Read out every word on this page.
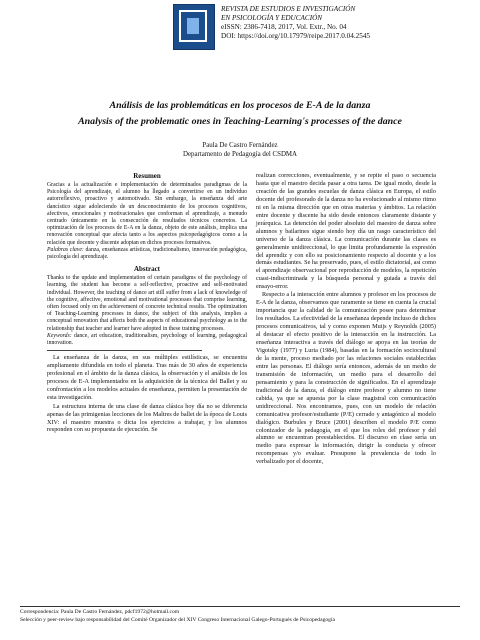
REVISTA DE ESTUDIOS E INVESTIGACIÓN
EN PSICOLOGÍA Y EDUCACIÓN
eISSN: 2386-7418, 2017, Vol. Extr., No. 04
DOI: https://doi.org/10.17979/reipe.2017.0.04.2545
Análisis de las problemáticas en los procesos de E-A de la danza
Analysis of the problematic ones in Teaching-Learning's processes of the dance
Paula De Castro Fernández
Departamento de Pedagogía del CSDMA
Resumen

Gracias a la actualización e implementación de determinados paradigmas de la Psicología del aprendizaje, el alumno ha llegado a convertirse en un individuo autorreflexivo, proactivo y automotivado. Sin embargo, la enseñanza del arte dancístico sigue adoleciendo de un desconocimiento de los procesos cognitivos, afectivos, emocionales y motivacionales que conforman el aprendizaje, a menudo centrado únicamente en la consecución de resultados técnicos concretos. La optimización de los procesos de E-A en la danza, objeto de este análisis, implica una renovación conceptual que afecta tanto a los aspectos psicopedagógicos como a la relación que docente y discente adoptan en dichos procesos formativos.

Palabras clave: danza, enseñanzas artísticas, tradicionalismo, innovación pedagógica, psicología del aprendizaje.

Abstract

Thanks to the update and implementation of certain paradigms of the psychology of learning, the student has become a self-reflective, proactive and self-motivated individual. However, the teaching of dance art still suffer from a lack of knowledge of the cognitive, affective, emotional and motivational processes that comprise learning, often focused only on the achievement of concrete technical results. The optimization of Teaching-Learning processes in dance, the subject of this analysis, implies a conceptual renovation that affects both the aspects of educational psychology as to the relationship that teacher and learner have adopted in these training processes.

Keywords: dance, art education, traditionalism, psychology of learning, pedagogical innovation.

La enseñanza de la danza, en sus múltiples estilísticas, se encuentra ampliamente difundida en todo el planeta. Tras más de 30 años de experiencia profesional en el ámbito de la danza clásica, la observación y el análisis de los procesos de E-A implementados en la adquisición de la técnica del Ballet y su confrontación a los modelos actuales de enseñanza, permiten la presentación de esta investigación.

La estructura interna de una clase de danza clásica hoy día no se diferencia apenas de las primigenias lecciones de los Maîtres de ballet de la época de Louis XIV: el maestro muestra o dicta los ejercicios a trabajar, y los alumnos responden con su propuesta de ejecución. Se

realizan correcciones, eventualmente, y se repite el paso o secuencia hasta que el maestro decida pasar a otra tarea. De igual modo, desde la creación de las grandes escuelas de danza clásica en Europa, el estilo docente del profesorado de la danza no ha evolucionado al mismo ritmo ni en la misma dirección que en otras materias y ámbitos. La relación entre docente y discente ha sido desde entonces claramente distante y jerárquica. La detención del poder absoluto del maestro de danza sobre alumnos y bailarines sigue siendo hoy día un rasgo característico del universo de la danza clásica. La comunicación durante las clases es generalmente unidireccional, lo que limita profundamente la expresión del aprendiz y con ello su posicionamiento respecto al docente y a los demás estudiantes. Se ha preservado, pues, el estilo dictatorial, así como el aprendizaje observacional por reproducción de modelos, la repetición cuasi-indiscriminada y la búsqueda personal y guiada a través del ensayo-error.

Respecto a la interacción entre alumnos y profesor en los procesos de E-A de la danza, observamos que raramente se tiene en cuenta la crucial importancia que la calidad de la comunicación posee para determinar los resultados. La efectividad de la enseñanza depende incluso de dichos procesos comunicativos, tal y como exponen Muijs y Reynolds (2005) al destacar el efecto positivo de la interacción en la instrucción. La enseñanza interactiva a través del diálogo se apoya en las teorías de Vigotsky (1977) y Luria (1984), basadas en la formación sociocultural de la mente, proceso mediado por las relaciones sociales establecidas entre las personas. El diálogo sería entonces, además de un medio de transmisión de información, un medio para el desarrollo del pensamiento y para la construcción de significados. En el aprendizaje tradicional de la danza, el diálogo entre profesor y alumno no tiene cabida, ya que se apuesta por la clase magistral con comunicación unidireccional. Nos encontramos, pues, con un modelo de relación comunicativa profesor/estudiante (P/E) cerrado y antagónico al modelo dialógico. Burbules y Bruce (2001) describen el modelo P/E como colonizador de la pedagogía, en el que los roles del profesor y del alumno se encuentran preestablecidos. El discurso en clase sería un medio para expresar la información, dirigir la conducta y ofrecer recompensas y/o evaluar. Presupone la prevalencia de todo lo verbalizado por el docente,

Correspondencia: Paula De Castro Fernández, pdcf1972@hotmail.com
Selección y peer-review bajo responsabilidad del Comité Organizador del XIV Congreso Internacional Galego-Portugués de Psicopedagogía
